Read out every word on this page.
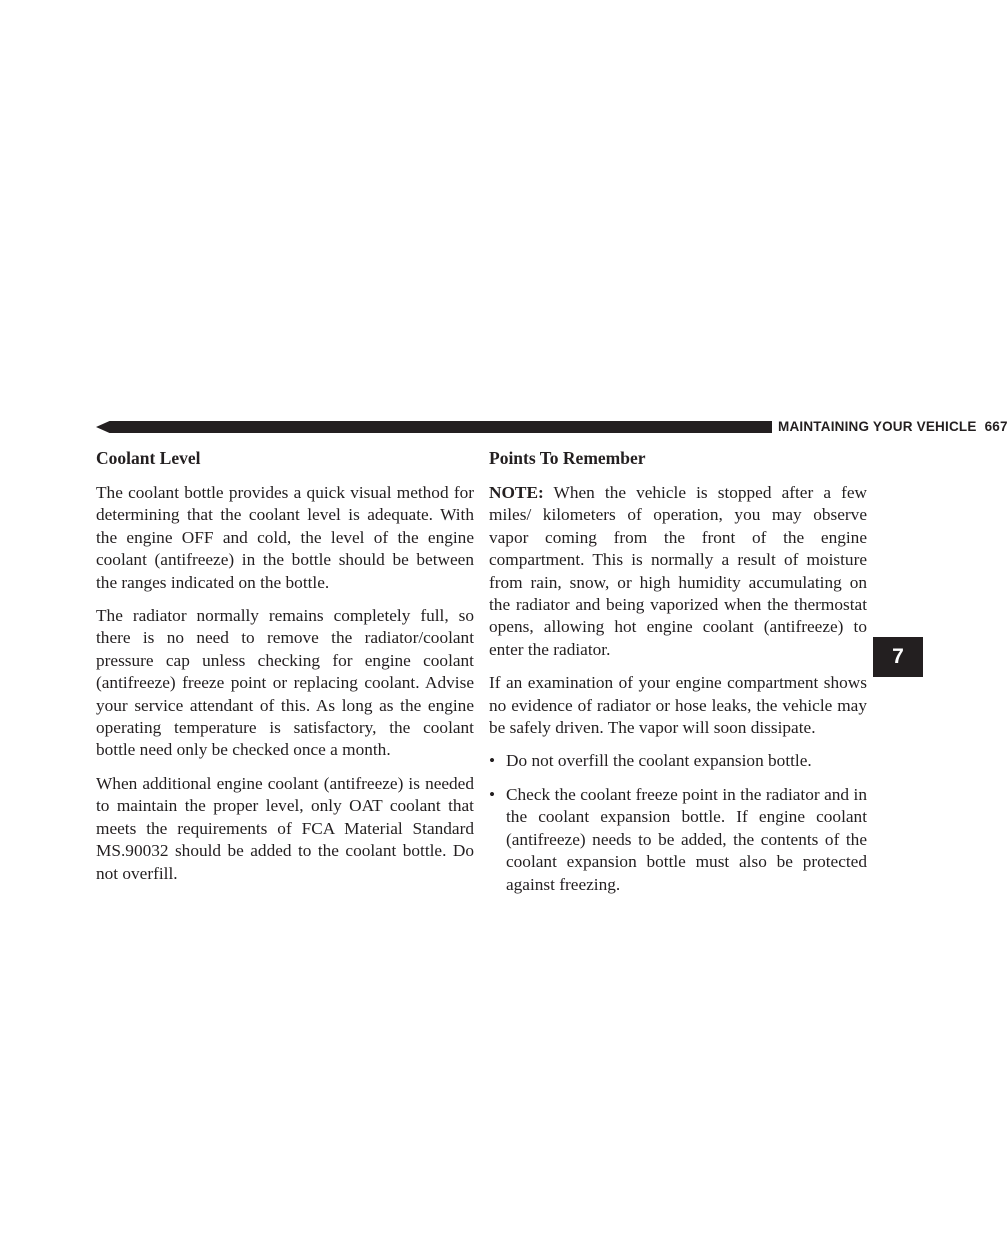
MAINTAINING YOUR VEHICLE 667
7
Coolant Level

The coolant bottle provides a quick visual method for determining that the coolant level is adequate. With the engine OFF and cold, the level of the engine coolant (antifreeze) in the bottle should be between the ranges indicated on the bottle.

The radiator normally remains completely full, so there is no need to remove the radiator/coolant pressure cap unless checking for engine coolant (antifreeze) freeze point or replacing coolant. Advise your service attendant of this. As long as the engine operating temperature is satisfactory, the coolant bottle need only be checked once a month.

When additional engine coolant (antifreeze) is needed to maintain the proper level, only OAT coolant that meets the requirements of FCA Material Standard MS.90032 should be added to the coolant bottle. Do not overfill.

Points To Remember

NOTE: When the vehicle is stopped after a few miles/ kilometers of operation, you may observe vapor coming from the front of the engine compartment. This is normally a result of moisture from rain, snow, or high humidity accumulating on the radiator and being vaporized when the thermostat opens, allowing hot engine coolant (antifreeze) to enter the radiator.

If an examination of your engine compartment shows no evidence of radiator or hose leaks, the vehicle may be safely driven. The vapor will soon dissipate.

• Do not overfill the coolant expansion bottle.
• Check the coolant freeze point in the radiator and in the coolant expansion bottle. If engine coolant (antifreeze) needs to be added, the contents of the coolant expansion bottle must also be protected against freezing.
